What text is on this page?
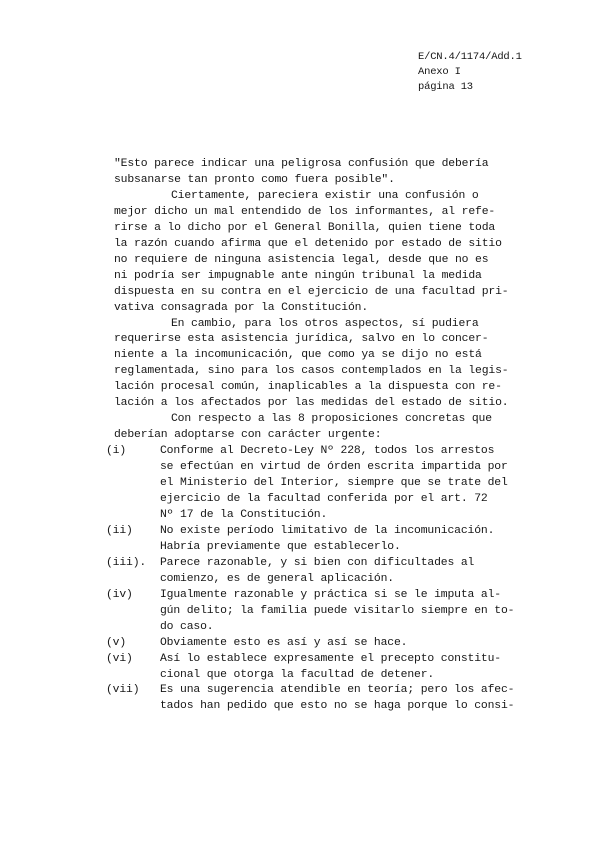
E/CN.4/1174/Add.1
Anexo I
página 13

"Esto parece indicar una peligrosa confusión que debería
subsanarse tan pronto como fuera posible".

Ciertamente, pareciera existir una confusión o
mejor dicho un mal entendido de los informantes, al refe-
rirse a lo dicho por el General Bonilla, quien tiene toda
la razón cuando afirma que el detenido por estado de sitio
no requiere de ninguna asistencia legal, desde que no es
ni podría ser impugnable ante ningún tribunal la medida
dispuesta en su contra en el ejercicio de una facultad pri-
vativa consagrada por la Constitución.

En cambio, para los otros aspectos, sí pudiera
requerirse esta asistencia jurídica, salvo en lo concer-
niente a la incomunicación, que como ya se dijo no está
reglamentada, sino para los casos contemplados en la legis-
lación procesal común, inaplicables a la dispuesta con re-
lación a los afectados por las medidas del estado de sitio.

Con respecto a las 8 proposiciones concretas que
deberían adoptarse con carácter urgente:

(i)	Conforme al Decreto-Ley Nº 228, todos los arrestos
se efectúan en virtud de órden escrita impartida por
el Ministerio del Interior, siempre que se trate del
ejercicio de la facultad conferida por el art. 72
Nº 17 de la Constitución.
(ii) No existe período limitativo de la incomunicación.
Habría previamente que establecerlo.
(iii). Parece razonable, y si bien con dificultades al
comienzo, es de general aplicación.
(iv) Igualmente razonable y práctica si se le imputa al-
gún delito; la familia puede visitarlo siempre en to-
do caso.
(v)	Obviamente esto es así y así se hace.
(vi) Así lo establece expresamente el precepto constitu-
cional que otorga la facultad de detener.
(vii) Es una sugerencia atendible en teoría; pero los afec-
tados han pedido que esto no se haga porque lo consi-
